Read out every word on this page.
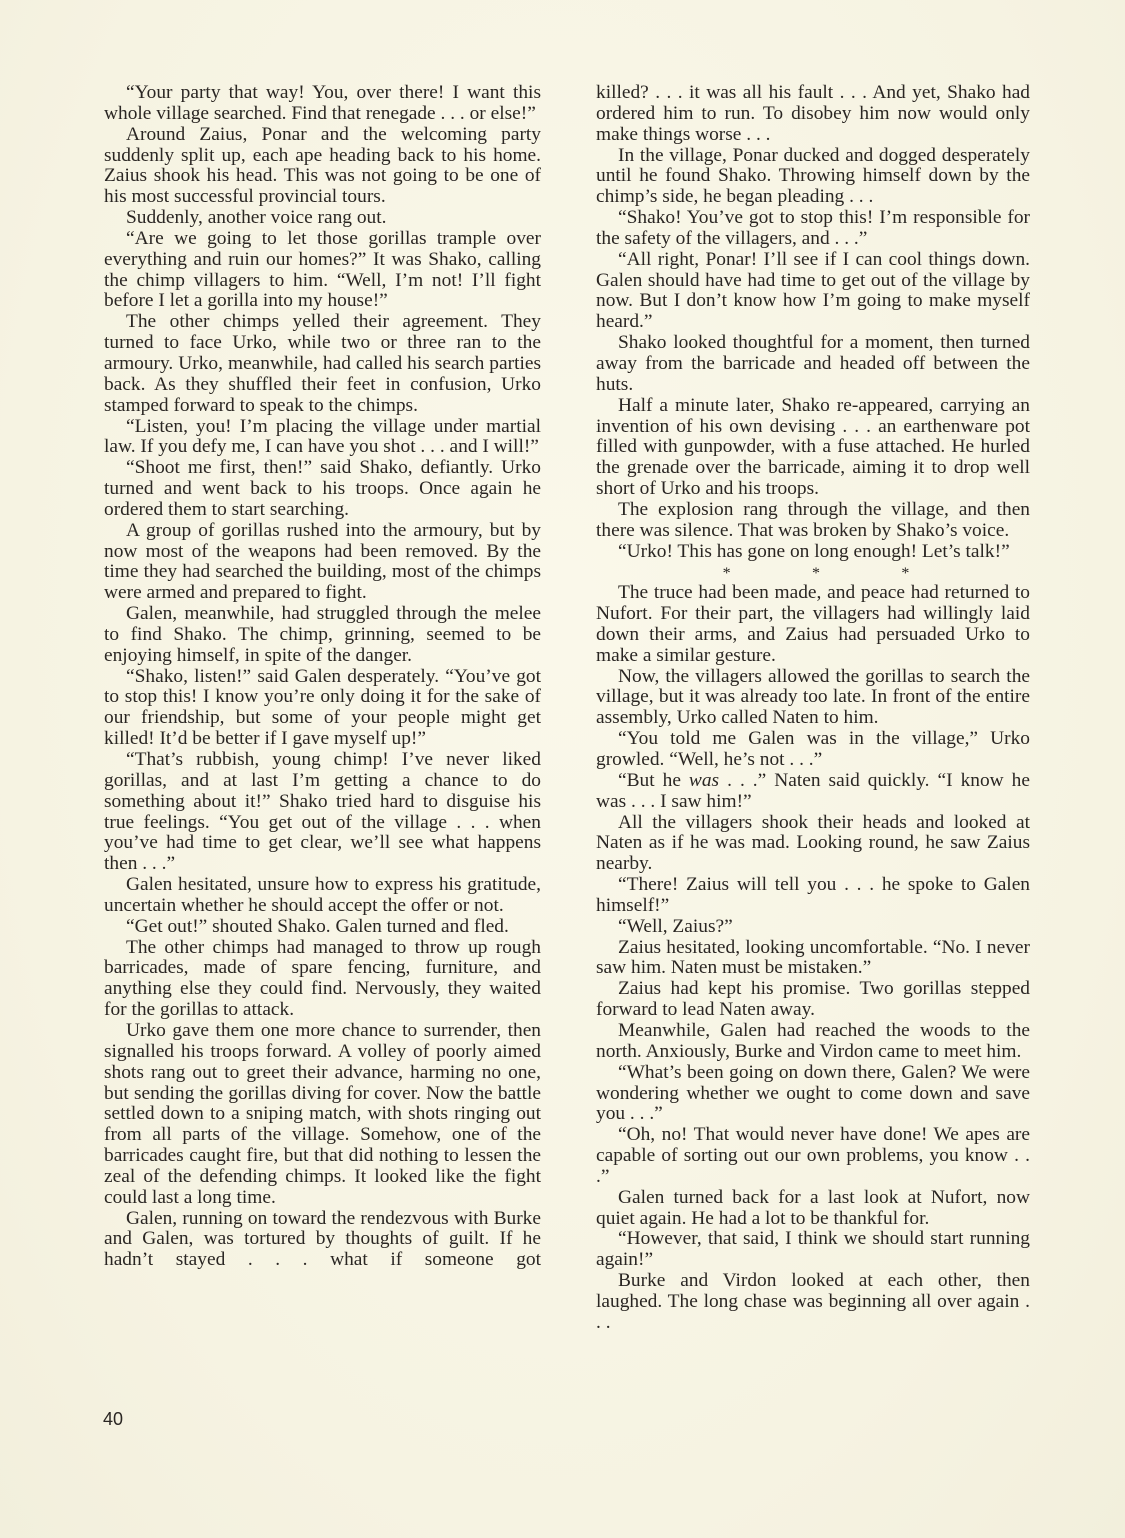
“Your party that way! You, over there! I want this whole village searched. Find that renegade . . . or else!”

Around Zaius, Ponar and the welcoming party suddenly split up, each ape heading back to his home. Zaius shook his head. This was not going to be one of his most successful provincial tours.

Suddenly, another voice rang out.

“Are we going to let those gorillas trample over everything and ruin our homes?” It was Shako, calling the chimp villagers to him. “Well, I’m not! I’ll fight before I let a gorilla into my house!”

The other chimps yelled their agreement. They turned to face Urko, while two or three ran to the armoury. Urko, meanwhile, had called his search parties back. As they shuffled their feet in confusion, Urko stamped forward to speak to the chimps.

“Listen, you! I’m placing the village under martial law. If you defy me, I can have you shot . . . and I will!”

“Shoot me first, then!” said Shako, defiantly. Urko turned and went back to his troops. Once again he ordered them to start searching.

A group of gorillas rushed into the armoury, but by now most of the weapons had been removed. By the time they had searched the building, most of the chimps were armed and prepared to fight.

Galen, meanwhile, had struggled through the melee to find Shako. The chimp, grinning, seemed to be enjoying himself, in spite of the danger.

“Shako, listen!” said Galen desperately. “You’ve got to stop this! I know you’re only doing it for the sake of our friendship, but some of your people might get killed! It’d be better if I gave myself up!”

“That’s rubbish, young chimp! I’ve never liked gorillas, and at last I’m getting a chance to do something about it!” Shako tried hard to disguise his true feelings. “You get out of the village . . . when you’ve had time to get clear, we’ll see what happens then . . .”

Galen hesitated, unsure how to express his gratitude, uncertain whether he should accept the offer or not.

“Get out!” shouted Shako. Galen turned and fled.

The other chimps had managed to throw up rough barricades, made of spare fencing, furniture, and anything else they could find. Nervously, they waited for the gorillas to attack.

Urko gave them one more chance to surrender, then signalled his troops forward. A volley of poorly aimed shots rang out to greet their advance, harming no one, but sending the gorillas diving for cover. Now the battle settled down to a sniping match, with shots ringing out from all parts of the village. Somehow, one of the barricades caught fire, but that did nothing to lessen the zeal of the defending chimps. It looked like the fight could last a long time.

Galen, running on toward the rendezvous with Burke and Galen, was tortured by thoughts of guilt. If he hadn’t stayed . . . what if someone got

killed? . . . it was all his fault . . . And yet, Shako had ordered him to run. To disobey him now would only make things worse . . .

In the village, Ponar ducked and dogged desperately until he found Shako. Throwing himself down by the chimp’s side, he began pleading . . .

“Shako! You’ve got to stop this! I’m responsible for the safety of the villagers, and . . .”

“All right, Ponar! I’ll see if I can cool things down. Galen should have had time to get out of the village by now. But I don’t know how I’m going to make myself heard.”

Shako looked thoughtful for a moment, then turned away from the barricade and headed off between the huts.

Half a minute later, Shako re-appeared, carrying an invention of his own devising . . . an earthenware pot filled with gunpowder, with a fuse attached. He hurled the grenade over the barricade, aiming it to drop well short of Urko and his troops.

The explosion rang through the village, and then there was silence. That was broken by Shako’s voice.

“Urko! This has gone on long enough! Let’s talk!”

*	*	*

The truce had been made, and peace had returned to Nufort. For their part, the villagers had willingly laid down their arms, and Zaius had persuaded Urko to make a similar gesture.

Now, the villagers allowed the gorillas to search the village, but it was already too late. In front of the entire assembly, Urko called Naten to him.

“You told me Galen was in the village,” Urko growled. “Well, he’s not . . .”

“But he was . . .” Naten said quickly. “I know he was . . . I saw him!”

All the villagers shook their heads and looked at Naten as if he was mad. Looking round, he saw Zaius nearby.

“There! Zaius will tell you . . . he spoke to Galen himself!”

“Well, Zaius?”

Zaius hesitated, looking uncomfortable. “No. I never saw him. Naten must be mistaken.”

Zaius had kept his promise. Two gorillas stepped forward to lead Naten away.

Meanwhile, Galen had reached the woods to the north. Anxiously, Burke and Virdon came to meet him.

“What’s been going on down there, Galen? We were wondering whether we ought to come down and save you . . .”

“Oh, no! That would never have done! We apes are capable of sorting out our own problems, you know . . .”

Galen turned back for a last look at Nufort, now quiet again. He had a lot to be thankful for.

“However, that said, I think we should start running again!”

Burke and Virdon looked at each other, then laughed. The long chase was beginning all over again . . .

40
